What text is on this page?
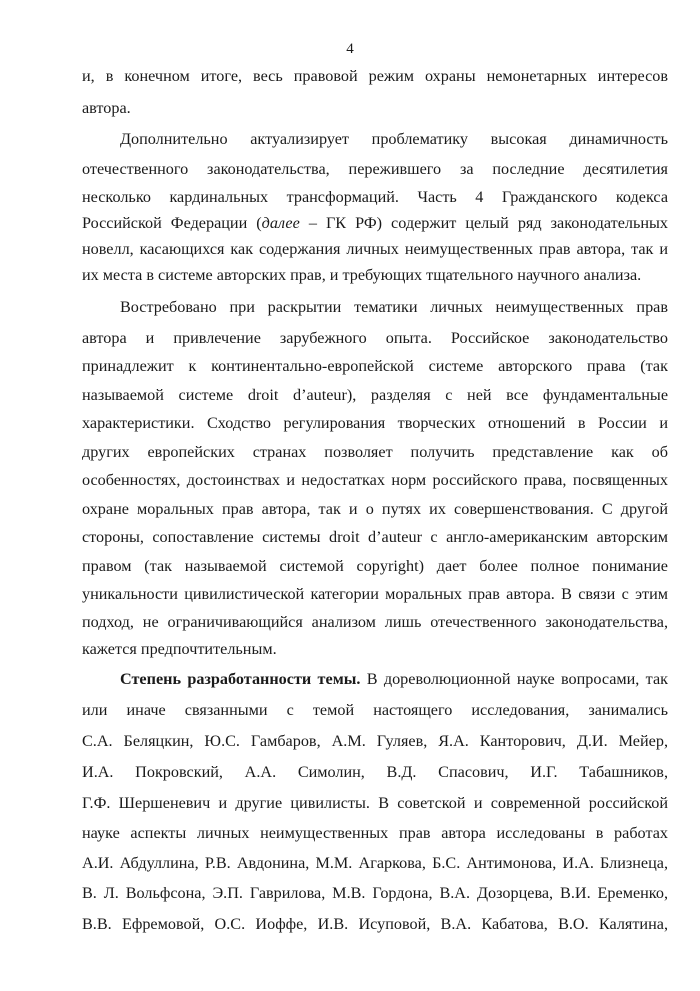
4
и, в конечном итоге, весь правовой режим охраны немонетарных интересов
автора.
Дополнительно актуализирует проблематику высокая динамичность
отечественного законодательства, пережившего за последние десятилетия
несколько кардинальных трансформаций. Часть 4 Гражданского кодекса
Российской Федерации (далее – ГК РФ) содержит целый ряд законодательных
новелл, касающихся как содержания личных неимущественных прав автора, так и
их места в системе авторских прав, и требующих тщательного научного анализа.
Востребовано при раскрытии тематики личных неимущественных прав
автора и привлечение зарубежного опыта. Российское законодательство
принадлежит к континентально-европейской системе авторского права (так
называемой системе droit d’auteur), разделяя с ней все фундаментальные
характеристики. Сходство регулирования творческих отношений в России и
других европейских странах позволяет получить представление как об
особенностях, достоинствах и недостатках норм российского права, посвященных
охране моральных прав автора, так и о путях их совершенствования. С другой
стороны, сопоставление системы droit d’auteur с англо-американским авторским
правом (так называемой системой copyright) дает более полное понимание
уникальности цивилистической категории моральных прав автора. В связи с этим
подход, не ограничивающийся анализом лишь отечественного законодательства,
кажется предпочтительным.
Степень разработанности темы. В дореволюционной науке вопросами, так
или иначе связанными с темой настоящего исследования, занимались
С.А. Беляцкин, Ю.С. Гамбаров, А.М. Гуляев, Я.А. Канторович, Д.И. Мейер,
И.А. Покровский, А.А. Симолин, В.Д. Спасович, И.Г. Табашников,
Г.Ф. Шершеневич и другие цивилисты. В советской и современной российской
науке аспекты личных неимущественных прав автора исследованы в работах
А.И. Абдуллина, Р.В. Авдонина, М.М. Агаркова, Б.С. Антимонова, И.А. Близнеца,
В. Л. Вольфсона, Э.П. Гаврилова, М.В. Гордона, В.А. Дозорцева, В.И. Еременко,
В.В. Ефремовой, О.С. Иоффе, И.В. Исуповой, В.А. Кабатова, В.О. Калятина,
